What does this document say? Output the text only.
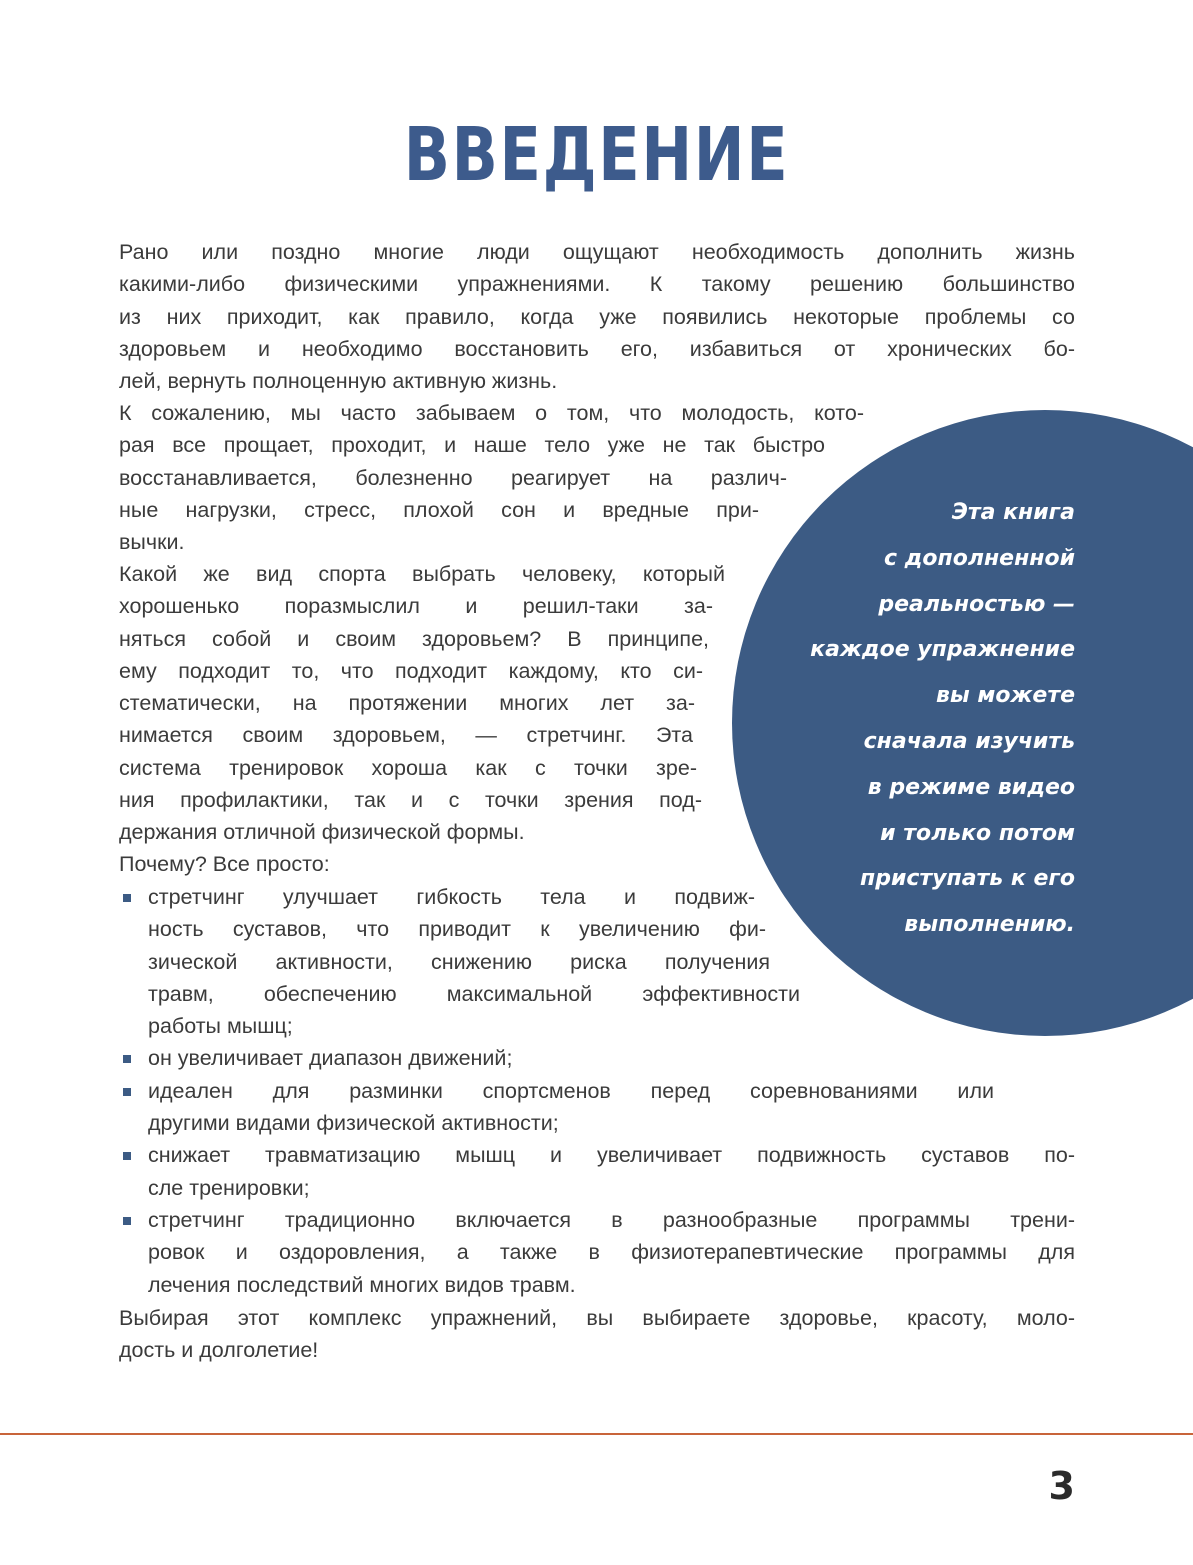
ВВЕДЕНИЕ
Эта книга
с дополненной
реальностью —
каждое упражнение
вы можете
сначала изучить
в режиме видео
и только потом
приступать к его
выполнению.
Рано или поздно многие люди ощущают необходимость дополнить жизнь
какими-либо физическими упражнениями. К такому решению большинство
из них приходит, как правило, когда уже появились некоторые проблемы со
здоровьем и необходимо восстановить его, избавиться от хронических бо-
лей, вернуть полноценную активную жизнь.
К сожалению, мы часто забываем о том, что молодость, кото-
рая все прощает, проходит, и наше тело уже не так быстро
восстанавливается, болезненно реагирует на различ-
ные нагрузки, стресс, плохой сон и вредные при-
вычки.
Какой же вид спорта выбрать человеку, который
хорошенько поразмыслил и решил-таки за-
няться собой и своим здоровьем? В принципе,
ему подходит то, что подходит каждому, кто си-
стематически, на протяжении многих лет за-
нимается своим здоровьем, — стретчинг. Эта
система тренировок хороша как с точки зре-
ния профилактики, так и с точки зрения под-
держания отличной физической формы.
Почему? Все просто:
стретчинг улучшает гибкость тела и подвиж-
ность суставов, что приводит к увеличению фи-
зической активности, снижению риска получения
травм, обеспечению максимальной эффективности
работы мышц;
он увеличивает диапазон движений;
идеален для разминки спортсменов перед соревнованиями или
другими видами физической активности;
снижает травматизацию мышц и увеличивает подвижность суставов по-
сле тренировки;
стретчинг традиционно включается в разнообразные программы трени-
ровок и оздоровления, а также в физиотерапевтические программы для
лечения последствий многих видов травм.
Выбирая этот комплекс упражнений, вы выбираете здоровье, красоту, моло-
дость и долголетие!
3
